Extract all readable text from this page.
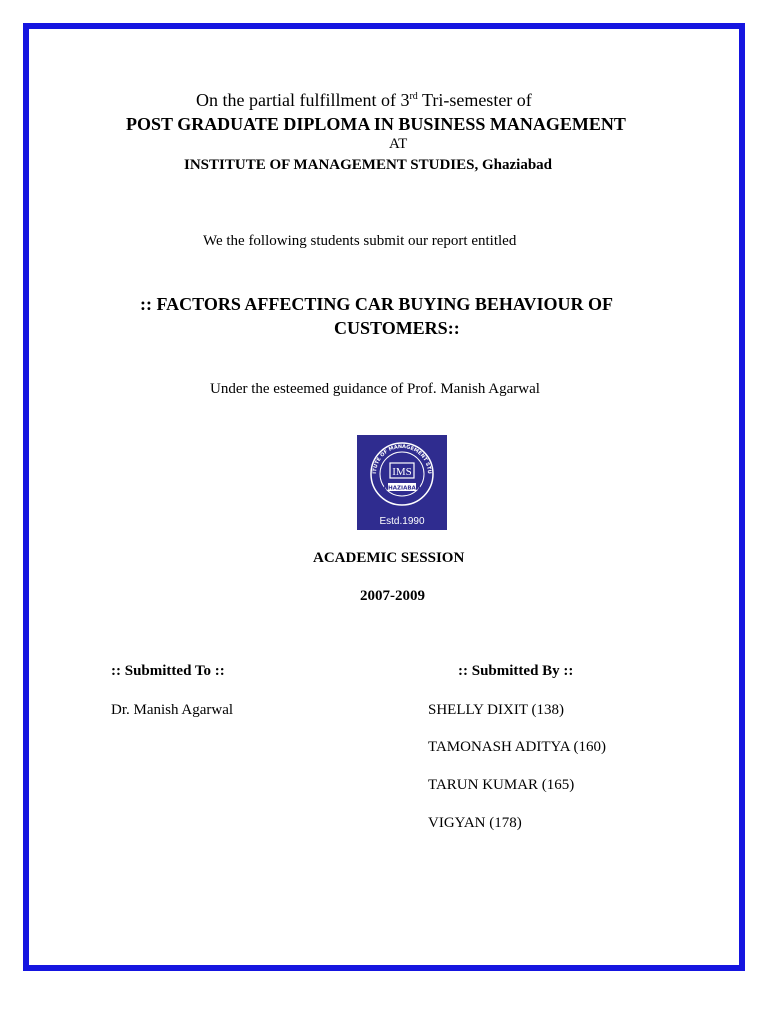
On the partial fulfillment of 3rd Tri-semester of
POST GRADUATE DIPLOMA IN BUSINESS MANAGEMENT
AT
INSTITUTE OF MANAGEMENT STUDIES, Ghaziabad
We the following students submit our report entitled
:: FACTORS AFFECTING CAR BUYING BEHAVIOUR OF
CUSTOMERS::
Under the esteemed guidance of Prof. Manish Agarwal
ITUTE OF MANAGEMENT STU
IMS
GHAZIABAD
Estd.1990
ACADEMIC SESSION
2007-2009
:: Submitted To ::
Dr. Manish Agarwal
:: Submitted By ::
SHELLY DIXIT (138)
TAMONASH ADITYA (160)
TARUN KUMAR (165)
VIGYAN (178)
